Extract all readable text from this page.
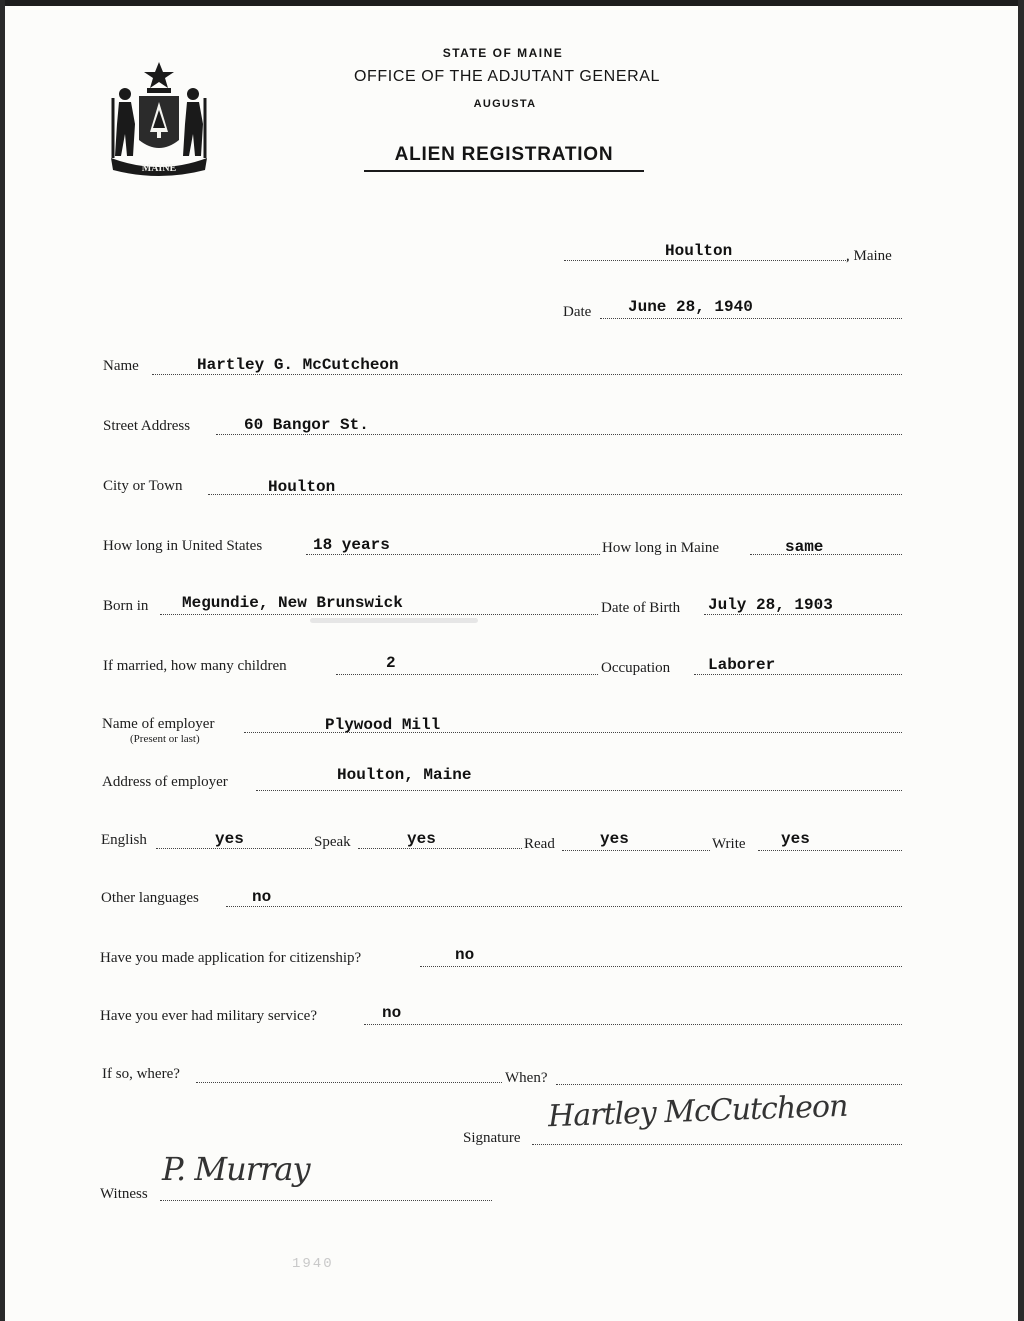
MAINE
STATE OF MAINE
OFFICE OF THE ADJUTANT GENERAL
AUGUSTA
ALIEN REGISTRATION
Houlton	, Maine
Date June 28, 1940
Name	Hartley G. McCutcheon
Street Address	60 Bangor St.
City or Town	Houlton
How long in United States	18 years	How long in Maine	same
Born in Megundie, New Brunswick	Date of Birth July 28, 1903
If married, how many children	2	Occupation Laborer
Name of employer
(Present or last)
Plywood Mill
Address of employer	Houlton, Maine
English	yes	Speak	yes	Read	yes	Write yes
Other languages	no
Have you made application for citizenship?	no
Have you ever had military service?	no
If so, where?	When?
Signature
Hartley McCutcheon
Witness
P. Murray
1940
